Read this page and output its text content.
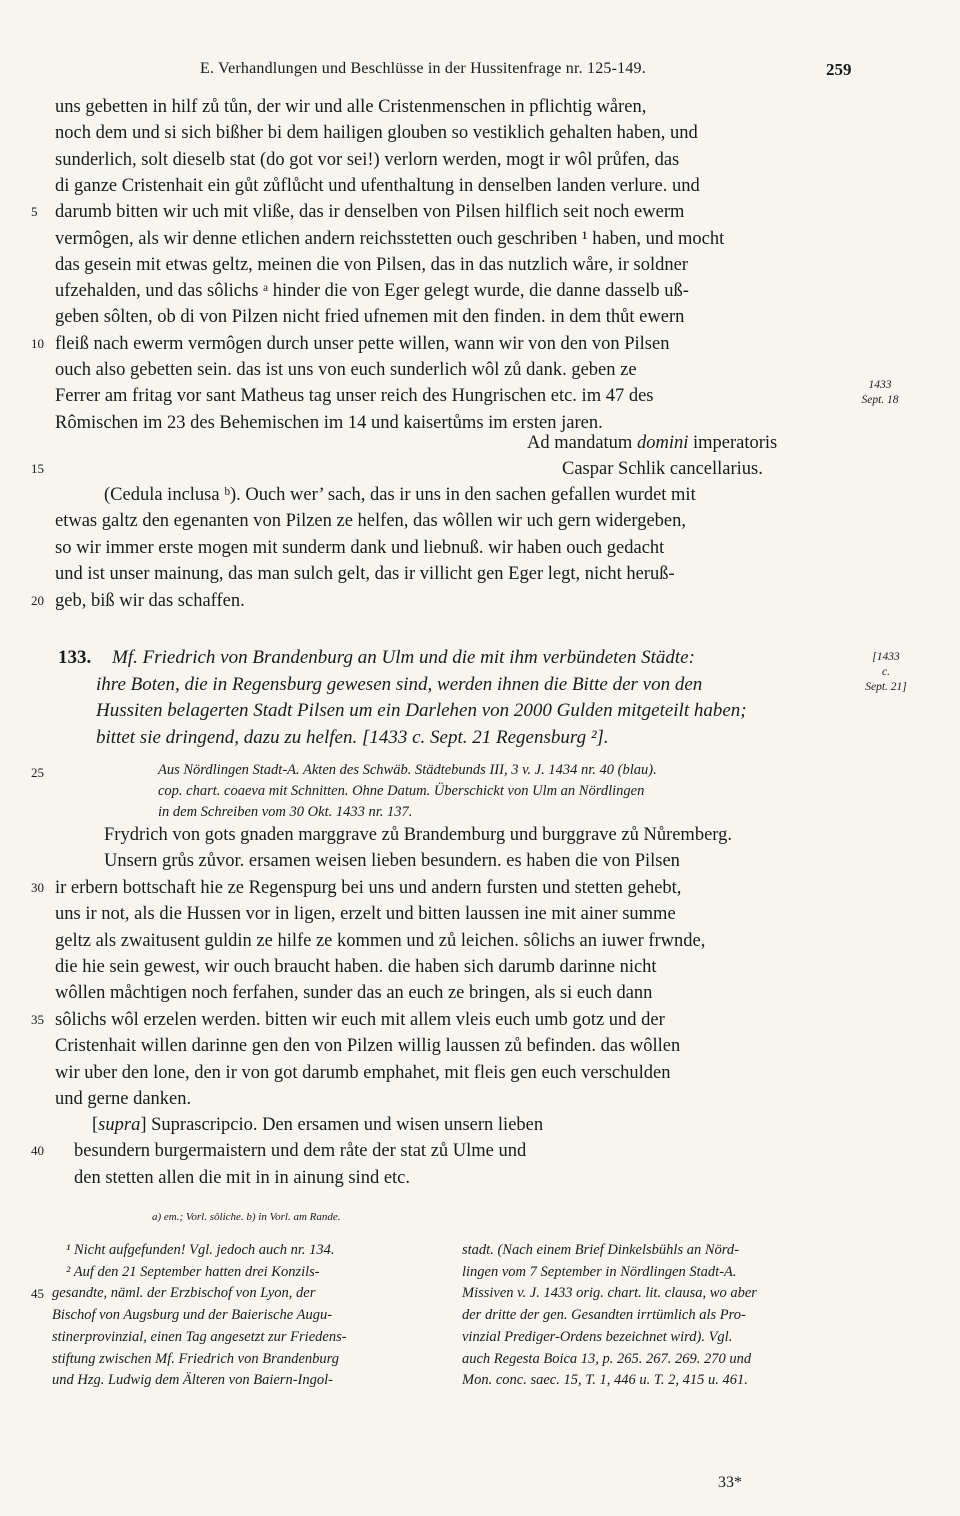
E. Verhandlungen und Beschlüsse in der Hussitenfrage nr. 125-149.	259
uns gebetten in hilf zů tůn, der wir und alle Cristenmenschen in pflichtig wåren,
noch dem und si sich bißher bi dem hailigen glouben so vestiklich gehalten haben, und
sunderlich, solt dieselb stat (do got vor sei!) verlorn werden, mogt ir wôl průfen, das
di ganze Cristenhait ein gůt zůflůcht und ufenthaltung in denselben landen verlure. und
darumb bitten wir uch mit vliße, das ir denselben von Pilsen hilflich seit noch ewerm
5
vermôgen, als wir denne etlichen andern reichsstetten ouch geschriben ¹ haben, und mocht
das gesein mit etwas geltz, meinen die von Pilsen, das in das nutzlich wåre, ir soldner
ufzehalden, und das sôlichs ᵃ hinder die von Eger gelegt wurde, die danne dasselb uß-
geben sôlten, ob di von Pilzen nicht fried ufnemen mit den finden. in dem thůt ewern
fleiß nach ewerm vermôgen durch unser pette willen, wann wir von den von Pilsen
10
ouch also gebetten sein. das ist uns von euch sunderlich wôl zů dank. geben ze
Ferrer am fritag vor sant Matheus tag unser reich des Hungrischen etc. im 47 des
Rômischen im 23 des Behemischen im 14 und kaisertůms im ersten jaren.
1433
Sept. 18
15
Ad mandatum domini imperatoris
Caspar Schlik cancellarius.
(Cedula inclusa ᵇ). Ouch wer’ sach, das ir uns in den sachen gefallen wurdet mit
etwas galtz den egenanten von Pilzen ze helfen, das wôllen wir uch gern widergeben,
so wir immer erste mogen mit sunderm dank und liebnuß. wir haben ouch gedacht
und ist unser mainung, das man sulch gelt, das ir villicht gen Eger legt, nicht heruß-
geb, biß wir das schaffen.
20
133. Mf. Friedrich von Brandenburg an Ulm und die mit ihm verbündeten Städte:
ihre Boten, die in Regensburg gewesen sind, werden ihnen die Bitte der von den
Hussiten belagerten Stadt Pilsen um ein Darlehen von 2000 Gulden mitgeteilt haben;
bittet sie dringend, dazu zu helfen. [1433 c. Sept. 21 Regensburg ²].
[1433
c.
Sept. 21]
25	Aus Nördlingen Stadt-A. Akten des Schwäb. Städtebunds III, 3 v. J. 1434 nr. 40 (blau).
cop. chart. coaeva mit Schnitten. Ohne Datum. Überschickt von Ulm an Nördlingen
in dem Schreiben vom 30 Okt. 1433 nr. 137.
Frydrich von gots gnaden marggrave zů Brandemburg und burggrave zů Nůremberg.
Unsern grůs zůvor. ersamen weisen lieben besundern. es haben die von Pilsen
ir erbern bottschaft hie ze Regenspurg bei uns und andern fursten und stetten gehebt,
30
uns ir not, als die Hussen vor in ligen, erzelt und bitten laussen ine mit ainer summe
geltz als zwaitusent guldin ze hilfe ze kommen und zů leichen. sôlichs an iuwer frwnde,
die hie sein gewest, wir ouch braucht haben. die haben sich darumb darinne nicht
wôllen måchtigen noch ferfahen, sunder das an euch ze bringen, als si euch dann
sôlichs wôl erzelen werden. bitten wir euch mit allem vleis euch umb gotz und der
35
Cristenhait willen darinne gen den von Pilzen willig laussen zů befinden. das wôllen
wir uber den lone, den ir von got darumb emphahet, mit fleis gen euch verschulden
und gerne danken.
[supra] Suprascripcio. Den ersamen und wisen unsern lieben
besundern burgermaistern und dem råte der stat zů Ulme und
40
den stetten allen die mit in in ainung sind etc.
a) em.; Vorl. sôliche. b) in Vorl. am Rande.
¹ Nicht aufgefunden! Vgl. jedoch auch nr. 134.
² Auf den 21 September hatten drei Konzils-
gesandte, näml. der Erzbischof von Lyon, der
45
Bischof von Augsburg und der Baierische Augu-
stinerprovinzial, einen Tag angesetzt zur Friedens-
stiftung zwischen Mf. Friedrich von Brandenburg
und Hzg. Ludwig dem Älteren von Baiern-Ingol-
stadt. (Nach einem Brief Dinkelsbühls an Nörd-
lingen vom 7 September in Nördlingen Stadt-A.
Missiven v. J. 1433 orig. chart. lit. clausa, wo aber
der dritte der gen. Gesandten irrtümlich als Pro-
vinzial Prediger-Ordens bezeichnet wird). Vgl.
auch Regesta Boica 13, p. 265. 267. 269. 270 und
Mon. conc. saec. 15, T. 1, 446 u. T. 2, 415 u. 461.
33*
